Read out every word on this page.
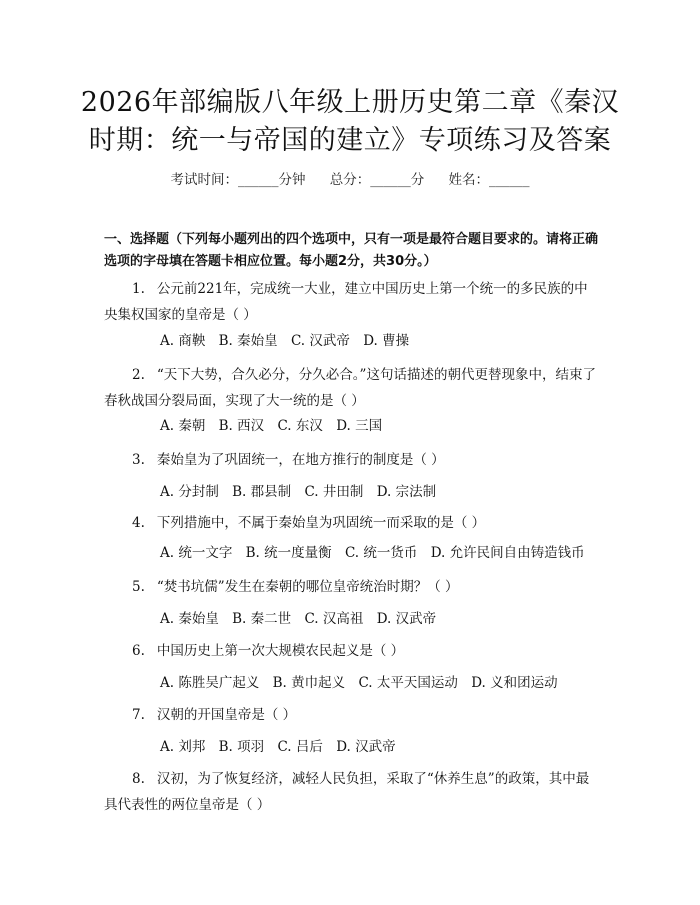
2026年部编版八年级上册历史第二章《秦汉
时期：统一与帝国的建立》专项练习及答案
考试时间：______分钟 总分：______分 姓名：______
一、选择题（下列每小题列出的四个选项中，只有一项是最符合题目要求的。请将正确选项的字母填在答题卡相应位置。每小题2分，共30分。）
1. 公元前221年，完成统一大业，建立中国历史上第一个统一的多民族的中央集权国家的皇帝是（ ）
A. 商鞅 B. 秦始皇 C. 汉武帝 D. 曹操
2. “天下大势，合久必分，分久必合。”这句话描述的朝代更替现象中，结束了春秋战国分裂局面，实现了大一统的是（ ）
A. 秦朝 B. 西汉 C. 东汉 D. 三国
3. 秦始皇为了巩固统一，在地方推行的制度是（ ）
A. 分封制 B. 郡县制 C. 井田制 D. 宗法制
4. 下列措施中，不属于秦始皇为巩固统一而采取的是（ ）
A. 统一文字 B. 统一度量衡 C. 统一货币 D. 允许民间自由铸造钱币
5. “焚书坑儒”发生在秦朝的哪位皇帝统治时期？（ ）
A. 秦始皇 B. 秦二世 C. 汉高祖 D. 汉武帝
6. 中国历史上第一次大规模农民起义是（ ）
A. 陈胜吴广起义 B. 黄巾起义 C. 太平天国运动 D. 义和团运动
7. 汉朝的开国皇帝是（ ）
A. 刘邦 B. 项羽 C. 吕后 D. 汉武帝
8. 汉初，为了恢复经济，减轻人民负担，采取了“休养生息”的政策，其中最具代表性的两位皇帝是（ ）
